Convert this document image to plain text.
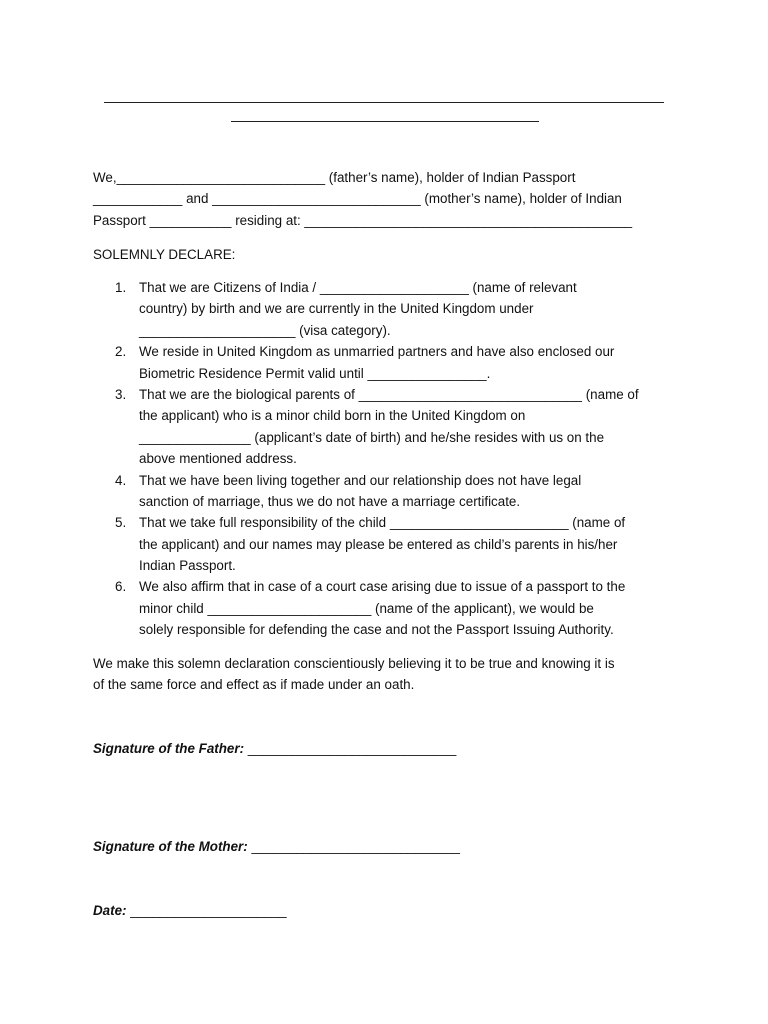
We,____________________________ (father’s name), holder of Indian Passport
____________ and ____________________________ (mother’s name), holder of Indian
Passport ___________ residing at: ____________________________________________
SOLEMNLY DECLARE:
1. That we are Citizens of India / ____________________ (name of relevant
country) by birth and we are currently in the United Kingdom under
_____________________ (visa category).
2. We reside in United Kingdom as unmarried partners and have also enclosed our
Biometric Residence Permit valid until ________________.
3. That we are the biological parents of ______________________________ (name of
the applicant) who is a minor child born in the United Kingdom on
_______________ (applicant’s date of birth) and he/she resides with us on the
above mentioned address.
4. That we have been living together and our relationship does not have legal
sanction of marriage, thus we do not have a marriage certificate.
5. That we take full responsibility of the child ________________________ (name of
the applicant) and our names may please be entered as child’s parents in his/her
Indian Passport.
6. We also affirm that in case of a court case arising due to issue of a passport to the
minor child ______________________ (name of the applicant), we would be
solely responsible for defending the case and not the Passport Issuing Authority.
We make this solemn declaration conscientiously believing it to be true and knowing it is
of the same force and effect as if made under an oath.
Signature of the Father: ____________________________
Signature of the Mother: ____________________________
Date: _____________________
